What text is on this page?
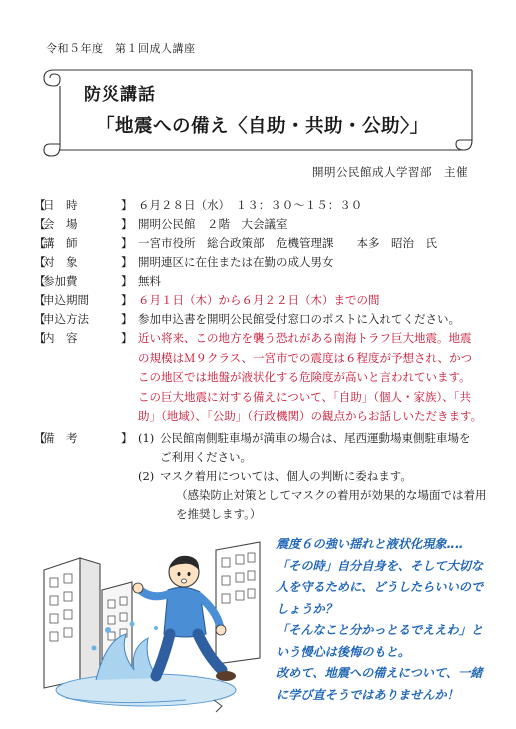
令和５年度　第１回成人講座
防災講話
「地震への備え〈自助・共助・公助〉」
開明公民館成人学習部　主催
【
日　時	】 ６月２８日（水）　１３：３０〜１５：３０
【
会　場	】 開明公民館　２階　大会議室
【
講　師	】 一宮市役所　総合政策部　危機管理課　　本多　昭治　氏
【
対　象	】 開明連区に在住または在勤の成人男女
【
参加費	】 無料
【
申込期間	】 ６月１日（木）から６月２２日（木）までの間
【
申込方法	】 参加申込書を開明公民館受付窓口のポストに入れてください。
【
内　容	】 近い将来、この地方を襲う恐れがある南海トラフ巨大地震。地震
の規模はＭ９クラス、一宮市での震度は６程度が予想され、かつ
この地区では地盤が液状化する危険度が高いと言われています。
この巨大地震に対する備えについて、「自助」（個人・家族）、「共
助」（地域）、「公助」（行政機関）の観点からお話しいただきます。
【
備　考	】 (1) 公民館南側駐車場が満車の場合は、尾西運動場東側駐車場を
ご利用ください。
(2) マスク着用については、個人の判断に委ねます。
（感染防止対策としてマスクの着用が効果的な場面では着用
を推奨します。）
震度６の強い揺れと液状化現象‥‥
「その時」自分自身を、そして大切な
人を守るために、どうしたらいいので
しょうか？
「そんなこと分かっとるでええわ」と
いう慢心は後悔のもと。
改めて、地震への備えについて、一緒
に学び直そうではありませんか！
